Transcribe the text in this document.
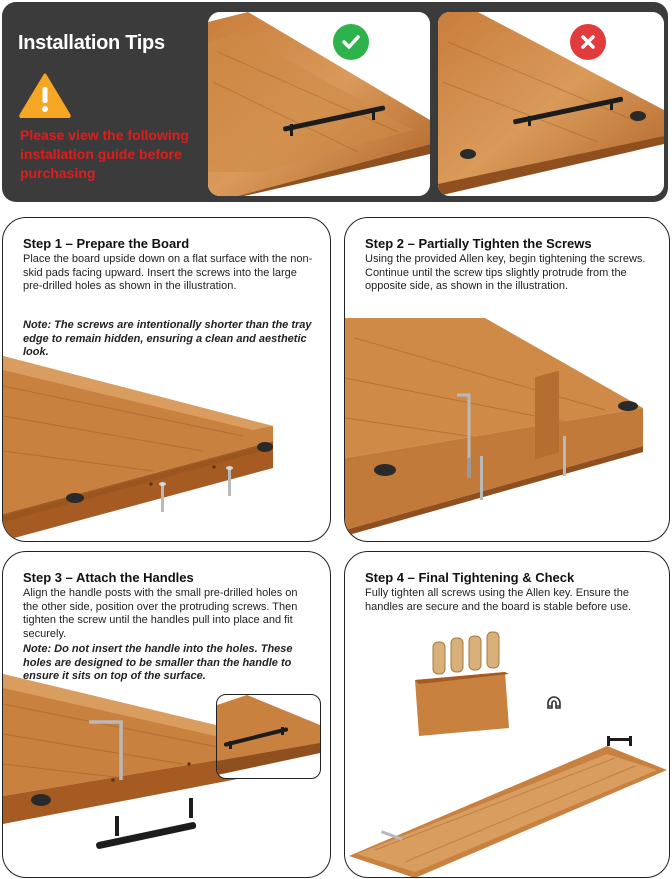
Installation Tips
Please view the following installation guide before purchasing
Step 1 – Prepare the Board
Place the board upside down on a flat surface with the non-skid pads facing upward. Insert the screws into the large pre-drilled holes as shown in the illustration.
Note: The screws are intentionally shorter than the tray edge to remain hidden, ensuring a clean and aesthetic look.
Step 2 – Partially Tighten the Screws
Using the provided Allen key, begin tightening the screws. Continue until the screw tips slightly protrude from the opposite side, as shown in the illustration.
Step 3 – Attach the Handles
Align the handle posts with the small pre-drilled holes on the other side, position over the protruding screws. Then tighten the screw until the handles pull into place and fit securely.
Note: Do not insert the handle into the holes. These holes are designed to be smaller than the handle to ensure it sits on top of the surface.
Step 4 – Final Tightening & Check
Fully tighten all screws using the Allen key. Ensure the handles are secure and the board is stable before use.
